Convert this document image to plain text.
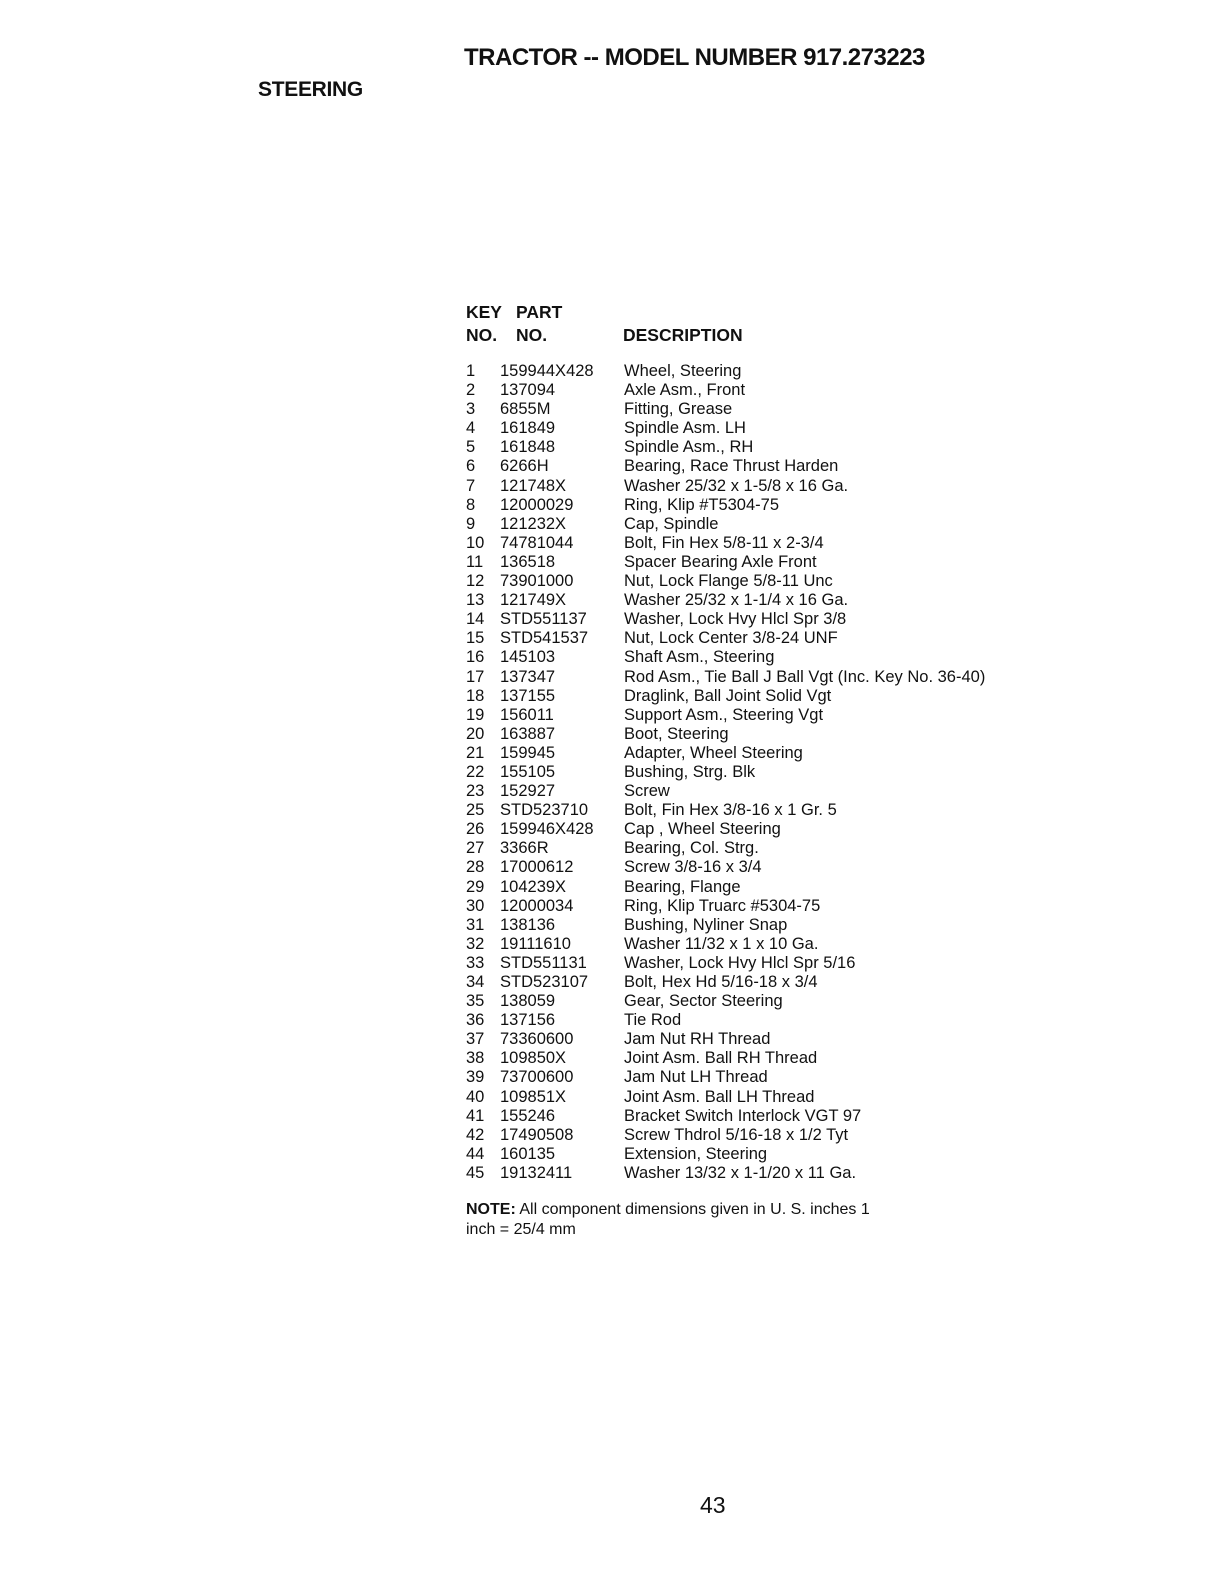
TRACTOR -- MODEL NUMBER 917.273223
STEERING
KEY PART
NO. NO.	DESCRIPTION
1 159944X428 Wheel, Steering
2 137094	Axle Asm., Front
3 6855M	Fitting, Grease
4 161849	Spindle Asm. LH
5 161848	Spindle Asm., RH
6 6266H	Bearing, Race Thrust Harden
7 121748X	Washer 25/32 x 1-5/8 x 16 Ga.
8 12000029	Ring, Klip #T5304-75
9 121232X	Cap, Spindle
10 74781044	Bolt, Fin Hex 5/8-11 x 2-3/4
11 136518	Spacer Bearing Axle Front
12 73901000	Nut, Lock Flange 5/8-11 Unc
13 121749X	Washer 25/32 x 1-1/4 x 16 Ga.
14 STD551137 Washer, Lock Hvy Hlcl Spr 3/8
15 STD541537 Nut, Lock Center 3/8-24 UNF
16 145103	Shaft Asm., Steering
17 137347	Rod Asm., Tie Ball J Ball Vgt (Inc. Key No. 36-40)
18 137155	Draglink, Ball Joint Solid Vgt
19 156011	Support Asm., Steering Vgt
20 163887	Boot, Steering
21 159945	Adapter, Wheel Steering
22 155105	Bushing, Strg. Blk
23 152927	Screw
25 STD523710 Bolt, Fin Hex 3/8-16 x 1 Gr. 5
26 159946X428 Cap , Wheel Steering
27 3366R	Bearing, Col. Strg.
28 17000612	Screw 3/8-16 x 3/4
29 104239X	Bearing, Flange
30 12000034	Ring, Klip Truarc #5304-75
31 138136	Bushing, Nyliner Snap
32 19111610	Washer 11/32 x 1 x 10 Ga.
33 STD551131 Washer, Lock Hvy Hlcl Spr 5/16
34 STD523107 Bolt, Hex Hd 5/16-18 x 3/4
35 138059	Gear, Sector Steering
36 137156	Tie Rod
37 73360600	Jam Nut RH Thread
38 109850X	Joint Asm. Ball RH Thread
39 73700600	Jam Nut LH Thread
40 109851X	Joint Asm. Ball LH Thread
41 155246	Bracket Switch Interlock VGT 97
42 17490508	Screw Thdrol 5/16-18 x 1/2 Tyt
44 160135	Extension, Steering
45 19132411	Washer 13/32 x 1-1/20 x 11 Ga.
NOTE: All component dimensions given in U. S. inches 1 inch = 25/4 mm
43
